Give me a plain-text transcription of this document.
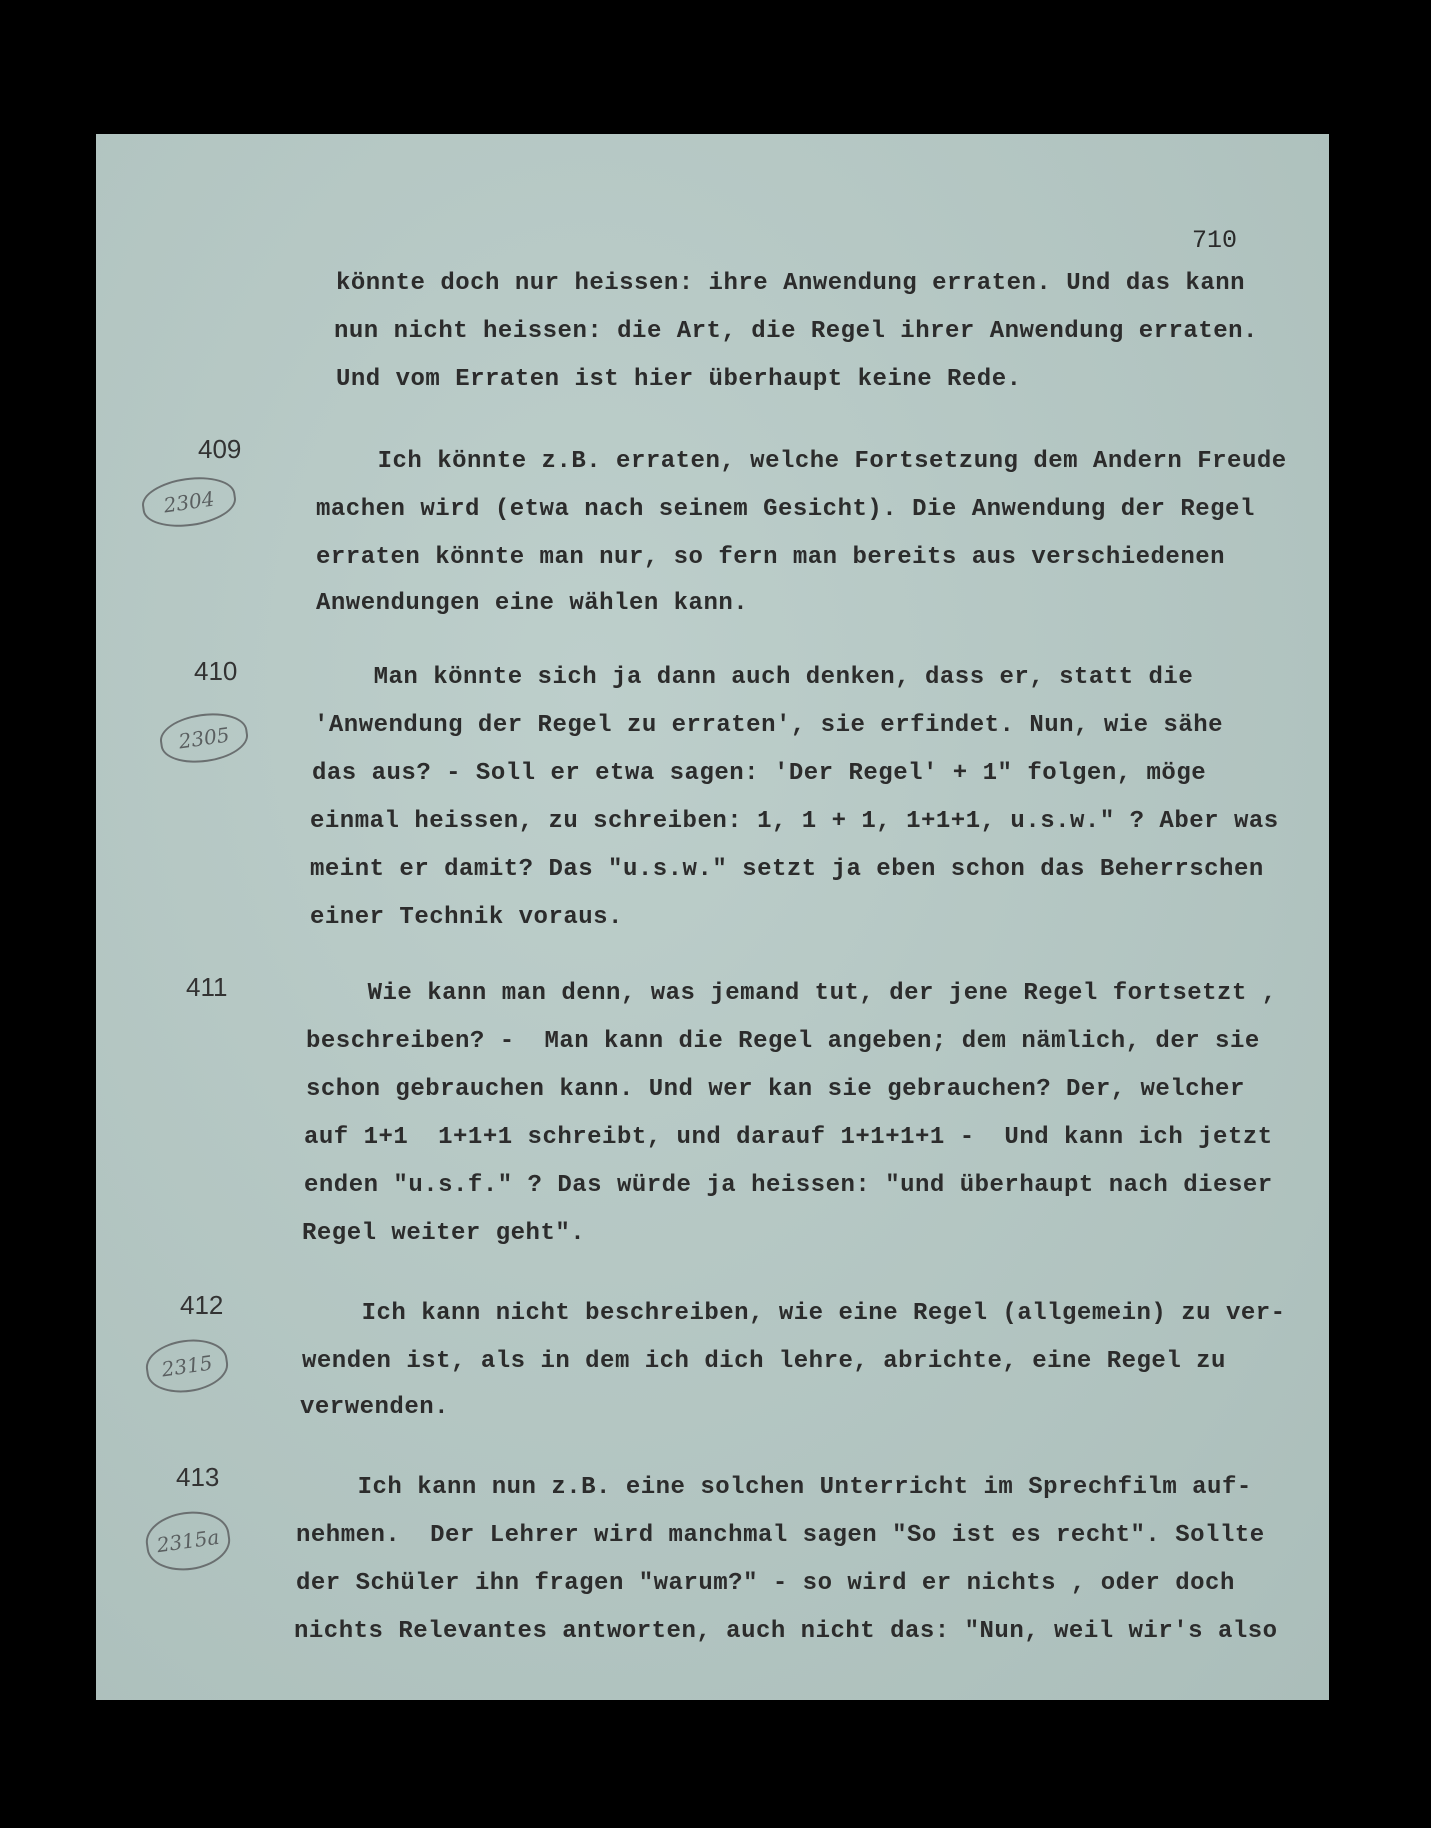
710
könnte doch nur heissen: ihre Anwendung erraten. Und das kann
nun nicht heissen: die Art, die Regel ihrer Anwendung erraten.
Und vom Erraten ist hier überhaupt keine Rede.
409
2304
Ich könnte z.B. erraten, welche Fortsetzung dem Andern Freude
machen wird (etwa nach seinem Gesicht). Die Anwendung der Regel
erraten könnte man nur, so fern man bereits aus verschiedenen
Anwendungen eine wählen kann.
410
2305
Man könnte sich ja dann auch denken, dass er, statt die
'Anwendung der Regel zu erraten', sie erfindet. Nun, wie sähe
das aus? - Soll er etwa sagen: 'Der Regel' + 1" folgen, möge
einmal heissen, zu schreiben: 1, 1 + 1, 1+1+1, u.s.w." ? Aber was
meint er damit? Das "u.s.w." setzt ja eben schon das Beherrschen
einer Technik voraus.
411	Wie kann man denn, was jemand tut, der jene Regel fortsetzt ,
beschreiben? -  Man kann die Regel angeben; dem nämlich, der sie
schon gebrauchen kann. Und wer kan sie gebrauchen? Der, welcher
auf 1+1  1+1+1 schreibt, und darauf 1+1+1+1 -  Und kann ich jetzt
enden "u.s.f." ? Das würde ja heissen: "und überhaupt nach dieser
Regel weiter geht".
412
2315
Ich kann nicht beschreiben, wie eine Regel (allgemein) zu ver-
wenden ist, als in dem ich dich lehre, abrichte, eine Regel zu
verwenden.
413
2315a
Ich kann nun z.B. eine solchen Unterricht im Sprechfilm auf-
nehmen.  Der Lehrer wird manchmal sagen "So ist es recht". Sollte
der Schüler ihn fragen "warum?" - so wird er nichts , oder doch
nichts Relevantes antworten, auch nicht das: "Nun, weil wir's also
